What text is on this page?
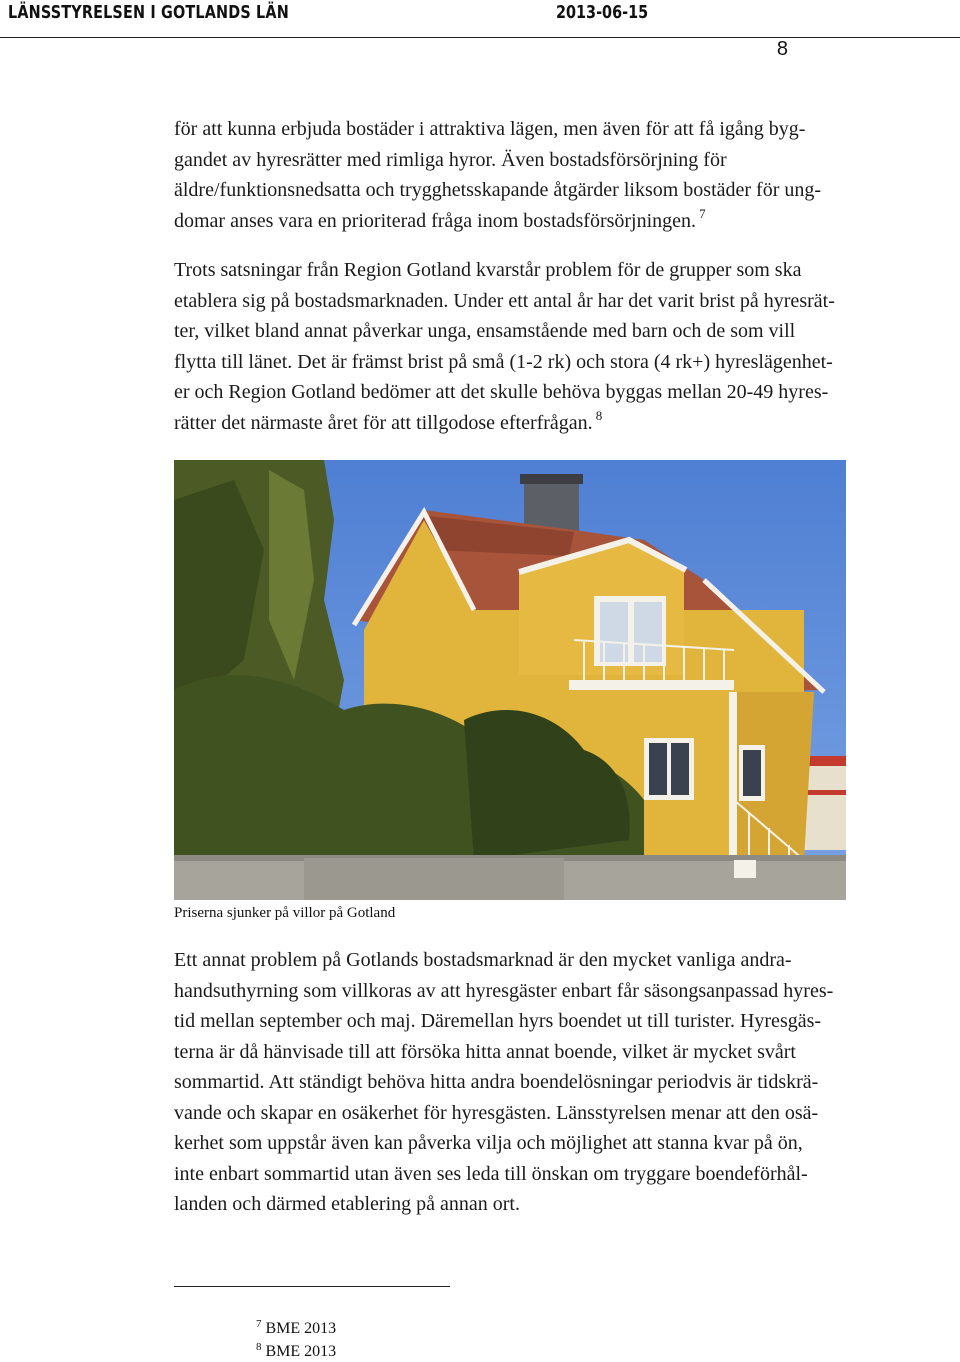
LÄNSSTYRELSEN I GOTLANDS LÄN	2013-06-15
8

för att kunna erbjuda bostäder i attraktiva lägen, men även för att få igång byg-
gandet av hyresrätter med rimliga hyror. Även bostadsförsörjning för
äldre/funktionsnedsatta och trygghetsskapande åtgärder liksom bostäder för ung-
domar anses vara en prioriterad fråga inom bostadsförsörjningen. $^7$

Trots satsningar från Region Gotland kvarstår problem för de grupper som ska
etablera sig på bostadsmarknaden. Under ett antal år har det varit brist på hyresrät-
ter, vilket bland annat påverkar unga, ensamstående med barn och de som vill
flytta till länet. Det är främst brist på små (1-2 rk) och stora (4 rk+) hyreslägenhet-
er och Region Gotland bedömer att det skulle behöva byggas mellan 20-49 hyres-
rätter det närmaste året för att tillgodose efterfrågan. $^8$

Priserna sjunker på villor på Gotland

Ett annat problem på Gotlands bostadsmarknad är den mycket vanliga andra-
handsuthyrning som villkoras av att hyresgäster enbart får säsongsanpassad hyres-
tid mellan september och maj. Däremellan hyrs boendet ut till turister. Hyresgäs-
terna är då hänvisade till att försöka hitta annat boende, vilket är mycket svårt
sommartid. Att ständigt behöva hitta andra boendelösningar periodvis är tidskrä-
vande och skapar en osäkerhet för hyresgästen. Länsstyrelsen menar att den osä-
kerhet som uppstår även kan påverka vilja och möjlighet att stanna kvar på ön,
inte enbart sommartid utan även ses leda till önskan om tryggare boendeförhål-
landen och därmed etablering på annan ort.

$^7$ BME 2013
$^8$ BME 2013
